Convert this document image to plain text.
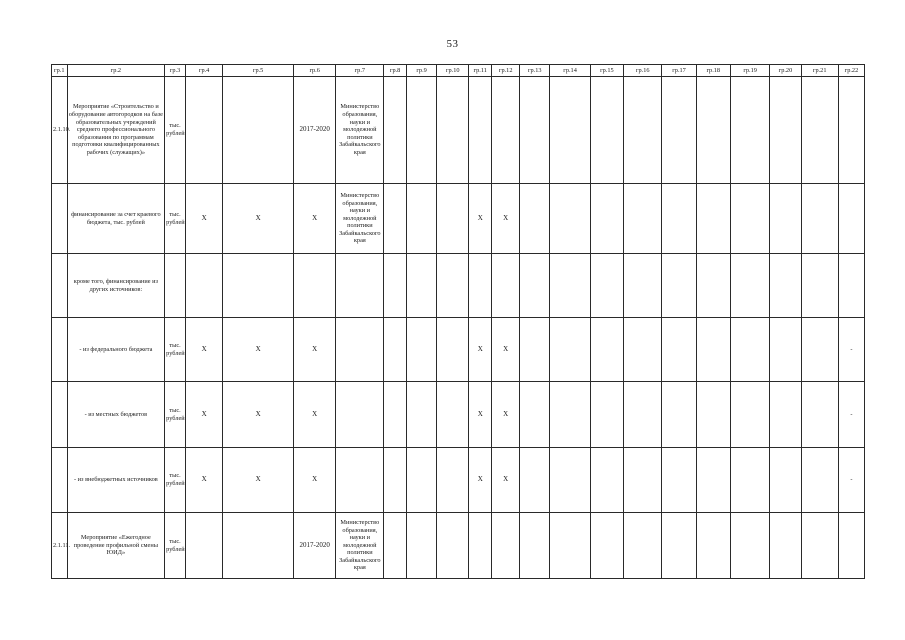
53
гр.1	гр.2	гр.3	гр.4	гр.5	гр.6	гр.7	гр.8	гр.9	гр.10	гр.11	гр.12	гр.13	гр.14	гр.15	гр.16	гр.17	гр.18	гр.19	гр.20	гр.21	гр.22

2.1.10.	Мероприятие «Строительство и оборудование автогородков на базе образовательных учреждений среднего профессионального образования по программам подготовки квалифицированных рабочих (служащих)»	тыс. рублей			2017-2020	Министерство образования, науки и молодежной политики Забайкальского края															

	финансирование за счет краевого бюджета, тыс. рублей	тыс. рублей	X	X	X	Министерство образования, науки и молодежной политики Забайкальского края				X	X										

	кроме того, финансирование из других источников:																				

	- из федерального бюджета	тыс. рублей	X	X	X					X	X										-

	- из местных бюджетов	тыс. рублей	X	X	X					X	X										-

	- из внебюджетных источников	тыс. рублей	X	X	X					X	X										-

2.1.11.	Мероприятие «Ежегодное проведение профильной смены ЮИД»	тыс. рублей			2017-2020	Министерство образования, науки и молодежной политики Забайкальского края															
